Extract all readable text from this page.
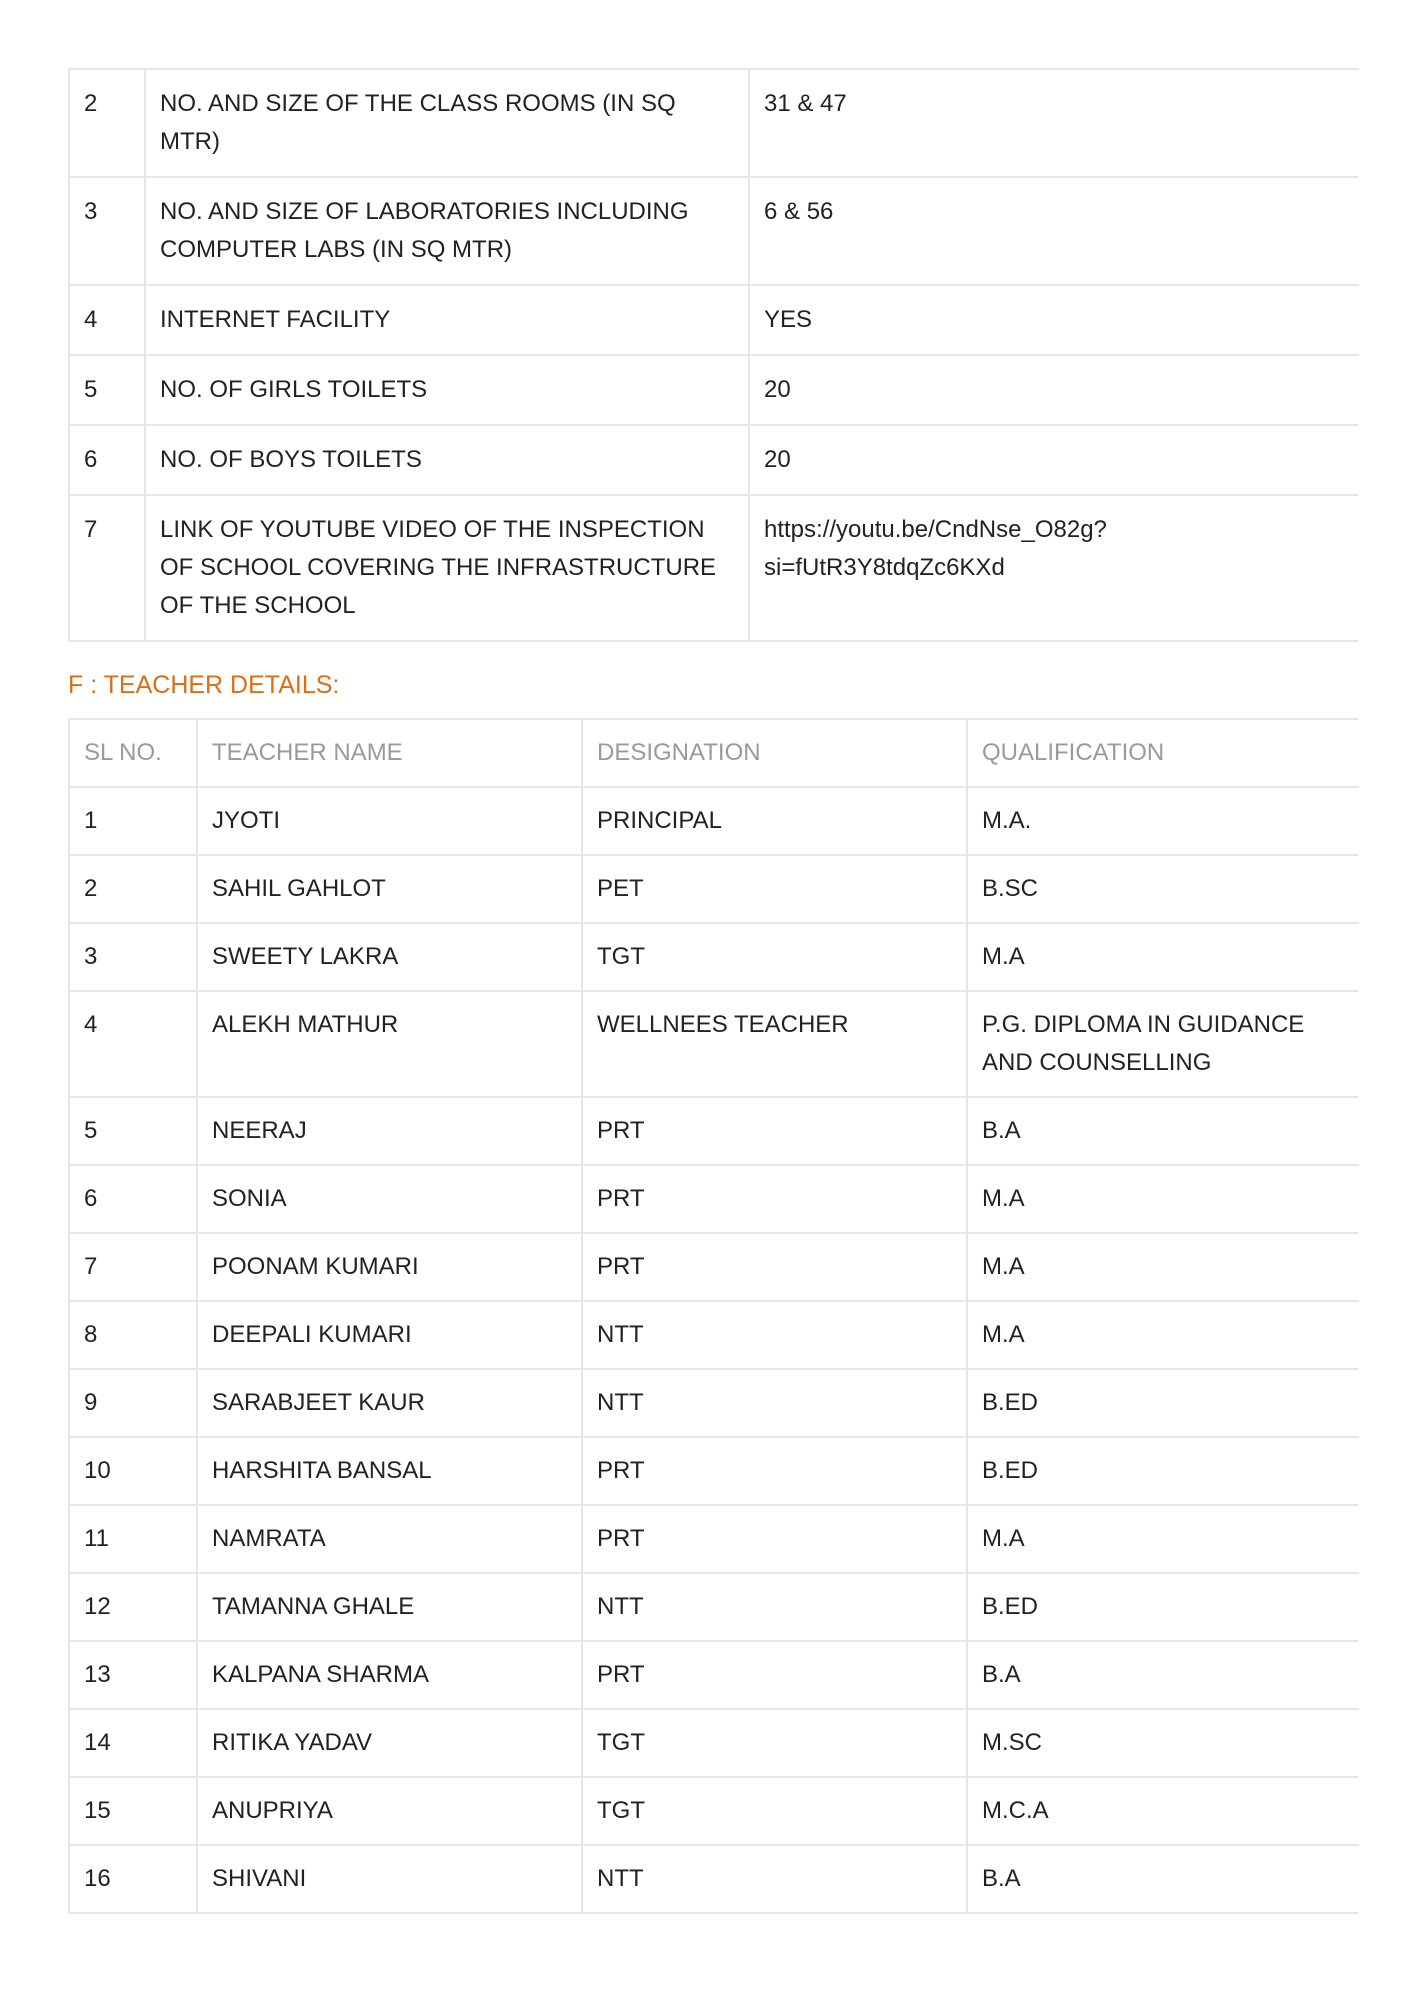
2	NO. AND SIZE OF THE CLASS ROOMS (IN SQ MTR)	31 & 47
3	NO. AND SIZE OF LABORATORIES INCLUDING COMPUTER LABS (IN SQ MTR)	6 & 56
4	INTERNET FACILITY	YES
5	NO. OF GIRLS TOILETS	20
6	NO. OF BOYS TOILETS	20
7	LINK OF YOUTUBE VIDEO OF THE INSPECTION OF SCHOOL COVERING THE INFRASTRUCTURE OF THE SCHOOL	https://youtu.be/CndNse_O82g?si=fUtR3Y8tdqZc6KXd
F : TEACHER DETAILS:
SL NO.	TEACHER NAME	DESIGNATION	QUALIFICATION
1	JYOTI	PRINCIPAL	M.A.
2	SAHIL GAHLOT	PET	B.SC
3	SWEETY LAKRA	TGT	M.A
4	ALEKH MATHUR	WELLNEES TEACHER	P.G. DIPLOMA IN GUIDANCE AND COUNSELLING
5	NEERAJ	PRT	B.A
6	SONIA	PRT	M.A
7	POONAM KUMARI	PRT	M.A
8	DEEPALI KUMARI	NTT	M.A
9	SARABJEET KAUR	NTT	B.ED
10	HARSHITA BANSAL	PRT	B.ED
11	NAMRATA	PRT	M.A
12	TAMANNA GHALE	NTT	B.ED
13	KALPANA SHARMA	PRT	B.A
14	RITIKA YADAV	TGT	M.SC
15	ANUPRIYA	TGT	M.C.A
16	SHIVANI	NTT	B.A
